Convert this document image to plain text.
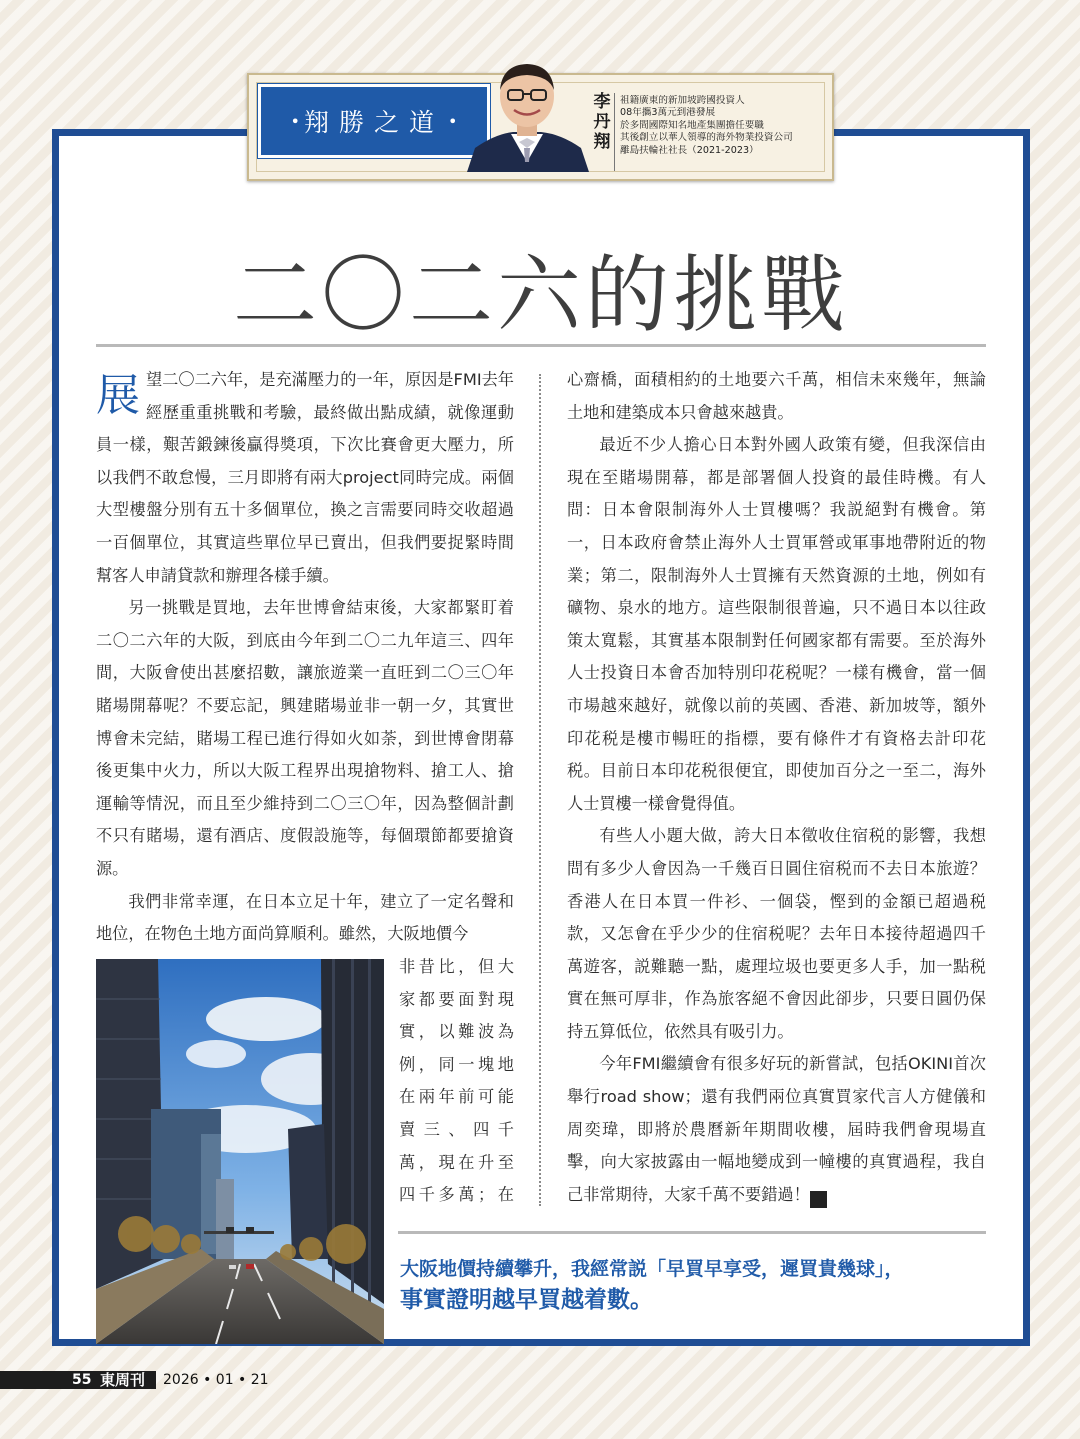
• 翔勝之道 •
李
丹
翔
祖籍廣東的新加坡跨國投資人
08年攜3萬元到港發展
於多間國際知名地產集團擔任要職
其後創立以華人領導的海外物業投資公司
離島扶輪社社長（2021-2023）
二〇二六的挑戰

展望二〇二六年，是充滿壓力的一年，原因是FMI去年經歷重重挑戰和考驗，最終做出點成績，就像運動員一樣，艱苦鍛鍊後贏得獎項，下次比賽會更大壓力，所以我們不敢怠慢，三月即將有兩大project同時完成。兩個大型樓盤分別有五十多個單位，換之言需要同時交收超過一百個單位，其實這些單位早已賣出，但我們要捉緊時間幫客人申請貸款和辦理各樣手續。

另一挑戰是買地，去年世博會結束後，大家都緊盯着二〇二六年的大阪，到底由今年到二〇二九年這三、四年間，大阪會使出甚麼招數，讓旅遊業一直旺到二〇三〇年賭場開幕呢？不要忘記，興建賭場並非一朝一夕，其實世博會未完結，賭場工程已進行得如火如荼，到世博會閉幕後更集中火力，所以大阪工程界出現搶物料、搶工人、搶運輸等情況，而且至少維持到二〇三〇年，因為整個計劃不只有賭場，還有酒店、度假設施等，每個環節都要搶資源。

我們非常幸運，在日本立足十年，建立了一定名聲和地位，在物色土地方面尚算順利。雖然，大阪地價今

非昔比，但大
家都要面對現
實，以難波為
例，同一塊地
在兩年前可能
賣三、四千
萬，現在升至
四千多萬；在

心齋橋，面積相約的土地要六千萬，相信未來幾年，無論土地和建築成本只會越來越貴。

最近不少人擔心日本對外國人政策有變，但我深信由現在至賭場開幕，都是部署個人投資的最佳時機。有人問：日本會限制海外人士買樓嗎？我説絕對有機會。第一，日本政府會禁止海外人士買軍營或軍事地帶附近的物業；第二，限制海外人士買擁有天然資源的土地，例如有礦物、泉水的地方。這些限制很普遍，只不過日本以往政策太寬鬆，其實基本限制對任何國家都有需要。至於海外人士投資日本會否加特別印花税呢？一樣有機會，當一個市場越來越好，就像以前的英國、香港、新加坡等，額外印花税是樓市暢旺的指標，要有條件才有資格去計印花税。目前日本印花税很便宜，即使加百分之一至二，海外人士買樓一樣會覺得值。

有些人小題大做，誇大日本徵收住宿税的影響，我想問有多少人會因為一千幾百日圓住宿税而不去日本旅遊？香港人在日本買一件衫、一個袋，慳到的金額已超過税款，又怎會在乎少少的住宿税呢？去年日本接待超過四千萬遊客，説難聽一點，處理垃圾也要更多人手，加一點税實在無可厚非，作為旅客絕不會因此卻步，只要日圓仍保持五算低位，依然具有吸引力。

今年FMI繼續會有很多好玩的新嘗試，包括OKINI首次舉行road show；還有我們兩位真實買家代言人方健儀和周奕瑋，即將於農曆新年期間收樓，屆時我們會現場直擊，向大家披露由一幅地變成到一幢樓的真實過程，我自己非常期待，大家千萬不要錯過！	東

大阪地價持續攀升，我經常説「早買早享受，遲買貴幾球」，
事實證明越早買越着數。
55 東周刊 2026 • 01 • 21
